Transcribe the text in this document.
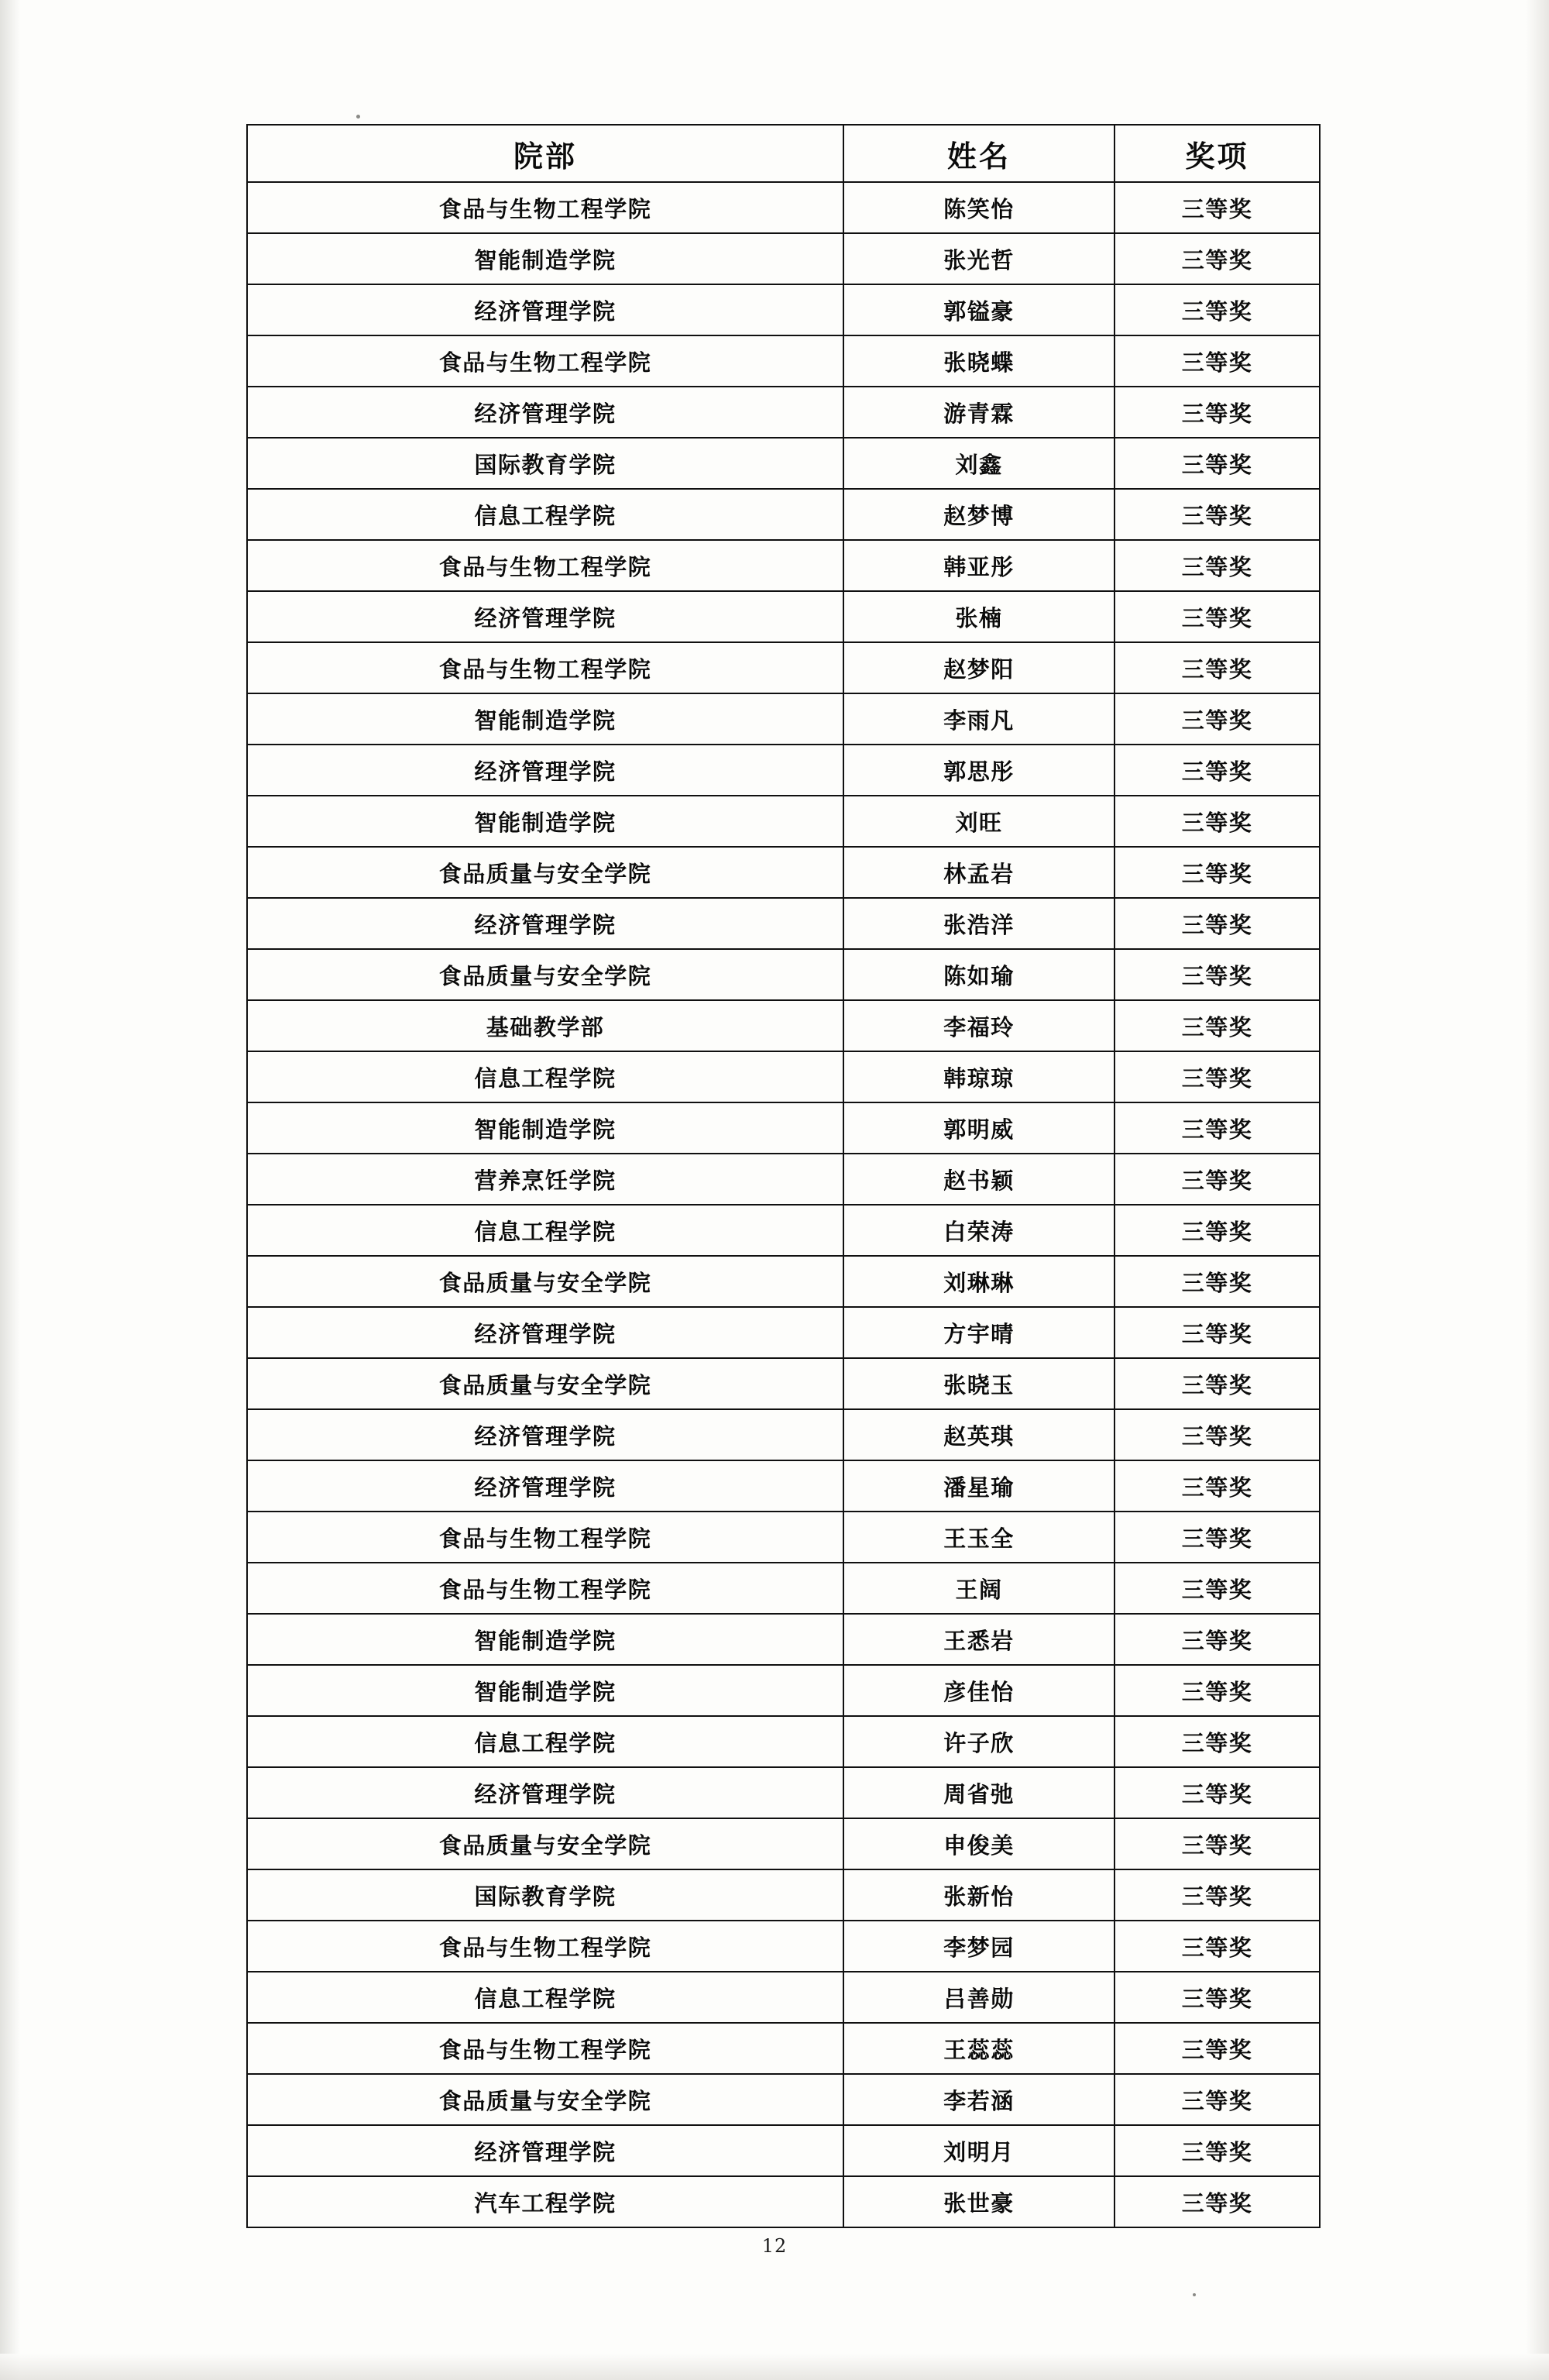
院部	姓名	奖项
食品与生物工程学院	陈笑怡	三等奖
智能制造学院	张光哲	三等奖
经济管理学院	郭镒豪	三等奖
食品与生物工程学院	张晓蝶	三等奖
经济管理学院	游青霖	三等奖
国际教育学院	刘鑫	三等奖
信息工程学院	赵梦博	三等奖
食品与生物工程学院	韩亚彤	三等奖
经济管理学院	张楠	三等奖
食品与生物工程学院	赵梦阳	三等奖
智能制造学院	李雨凡	三等奖
经济管理学院	郭思彤	三等奖
智能制造学院	刘旺	三等奖
食品质量与安全学院	林孟岩	三等奖
经济管理学院	张浩洋	三等奖
食品质量与安全学院	陈如瑜	三等奖
基础教学部	李福玲	三等奖
信息工程学院	韩琼琼	三等奖
智能制造学院	郭明威	三等奖
营养烹饪学院	赵书颖	三等奖
信息工程学院	白荣涛	三等奖
食品质量与安全学院	刘琳琳	三等奖
经济管理学院	方宇晴	三等奖
食品质量与安全学院	张晓玉	三等奖
经济管理学院	赵英琪	三等奖
经济管理学院	潘星瑜	三等奖
食品与生物工程学院	王玉全	三等奖
食品与生物工程学院	王阔	三等奖
智能制造学院	王悉岩	三等奖
智能制造学院	彦佳怡	三等奖
信息工程学院	许子欣	三等奖
经济管理学院	周省弛	三等奖
食品质量与安全学院	申俊美	三等奖
国际教育学院	张新怡	三等奖
食品与生物工程学院	李梦园	三等奖
信息工程学院	吕善勋	三等奖
食品与生物工程学院	王蕊蕊	三等奖
食品质量与安全学院	李若涵	三等奖
经济管理学院	刘明月	三等奖
汽车工程学院	张世豪	三等奖
12
